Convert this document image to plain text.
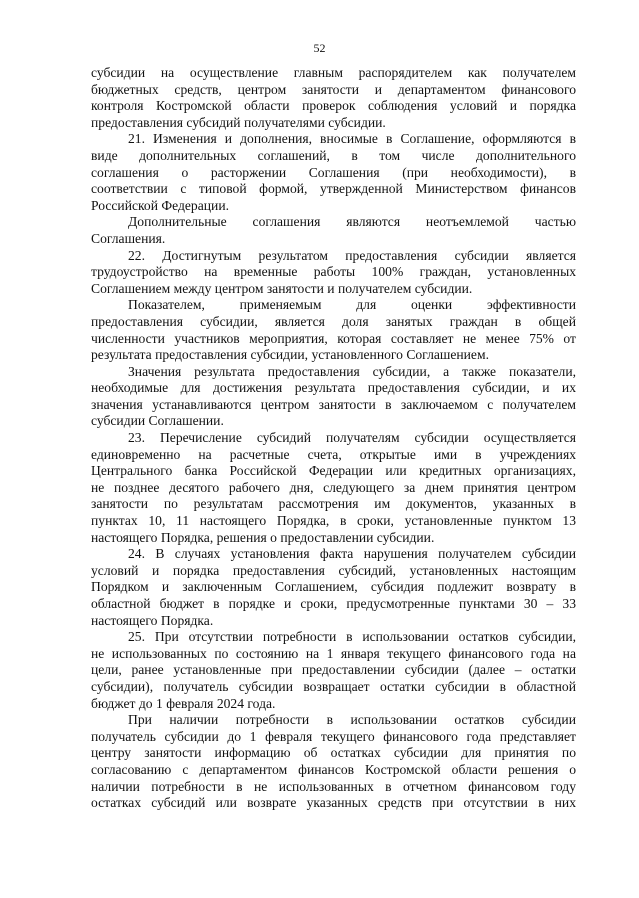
52

субсидии на осуществление главным распорядителем как получателем

бюджетных средств, центром занятости и департаментом финансового

контроля Костромской области проверок соблюдения условий и порядка

предоставления субсидий получателями субсидии.

21. Изменения и дополнения, вносимые в Соглашение, оформляются в

виде дополнительных соглашений, в том числе дополнительного

соглашения о расторжении Соглашения (при необходимости), в

соответствии с типовой формой, утвержденной Министерством финансов

Российской Федерации.

Дополнительные соглашения являются неотъемлемой частью

Соглашения.

22. Достигнутым результатом предоставления субсидии является

трудоустройство на временные работы 100% граждан, установленных

Соглашением между центром занятости и получателем субсидии.

Показателем, применяемым для оценки эффективности

предоставления субсидии, является доля занятых граждан в общей

численности участников мероприятия, которая составляет не менее 75% от

результата предоставления субсидии, установленного Соглашением.

Значения результата предоставления субсидии, а также показатели,

необходимые для достижения результата предоставления субсидии, и их

значения устанавливаются центром занятости в заключаемом с получателем

субсидии Соглашении.

23. Перечисление субсидий получателям субсидии осуществляется

единовременно на расчетные счета, открытые ими в учреждениях

Центрального банка Российской Федерации или кредитных организациях,

не позднее десятого рабочего дня, следующего за днем принятия центром

занятости по результатам рассмотрения им документов, указанных в

пунктах 10, 11 настоящего Порядка, в сроки, установленные пунктом 13

настоящего Порядка, решения о предоставлении субсидии.

24. В случаях установления факта нарушения получателем субсидии

условий и порядка предоставления субсидий, установленных настоящим

Порядком и заключенным Соглашением, субсидия подлежит возврату в

областной бюджет в порядке и сроки, предусмотренные пунктами 30 – 33

настоящего Порядка.

25. При отсутствии потребности в использовании остатков субсидии,

не использованных по состоянию на 1 января текущего финансового года на

цели, ранее установленные при предоставлении субсидии (далее – остатки

субсидии), получатель субсидии возвращает остатки субсидии в областной

бюджет до 1 февраля 2024 года.

При наличии потребности в использовании остатков субсидии

получатель субсидии до 1 февраля текущего финансового года представляет

центру занятости информацию об остатках субсидии для принятия по

согласованию с департаментом финансов Костромской области решения о

наличии потребности в не использованных в отчетном финансовом году

остатках субсидий или возврате указанных средств при отсутствии в них
